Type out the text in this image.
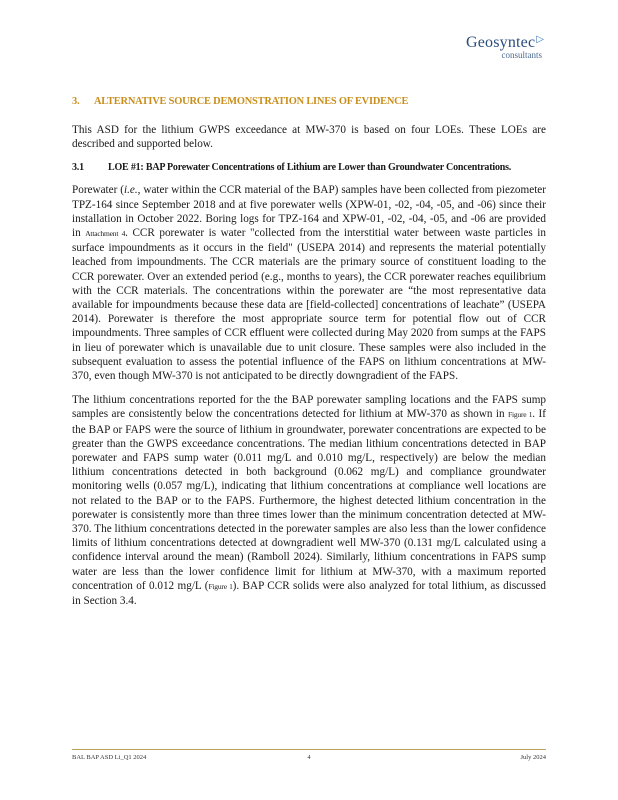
Geosyntec▷
consultants
3. ALTERNATIVE SOURCE DEMONSTRATION LINES OF EVIDENCE

This ASD for the lithium GWPS exceedance at MW-370 is based on four LOEs. These LOEs are described and supported below.

3.1	LOE #1: BAP Porewater Concentrations of Lithium are Lower than Groundwater Concentrations.

Porewater (i.e., water within the CCR material of the BAP) samples have been collected from piezometer TPZ-164 since September 2018 and at five porewater wells (XPW-01, -02, -04, -05, and -06) since their installation in October 2022. Boring logs for TPZ-164 and XPW-01, -02, -04, -05, and -06 are provided in Attachment 4. CCR porewater is water "collected from the interstitial water between waste particles in surface impoundments as it occurs in the field" (USEPA 2014) and represents the material potentially leached from impoundments. The CCR materials are the primary source of constituent loading to the CCR porewater. Over an extended period (e.g., months to years), the CCR porewater reaches equilibrium with the CCR materials. The concentrations within the porewater are “the most representative data available for impoundments because these data are [field-collected] concentrations of leachate” (USEPA 2014). Porewater is therefore the most appropriate source term for potential flow out of CCR impoundments. Three samples of CCR effluent were collected during May 2020 from sumps at the FAPS in lieu of porewater which is unavailable due to unit closure. These samples were also included in the subsequent evaluation to assess the potential influence of the FAPS on lithium concentrations at MW-370, even though MW-370 is not anticipated to be directly downgradient of the FAPS.

The lithium concentrations reported for the the BAP porewater sampling locations and the FAPS sump samples are consistently below the concentrations detected for lithium at MW-370 as shown in Figure 1. If the BAP or FAPS were the source of lithium in groundwater, porewater concentrations are expected to be greater than the GWPS exceedance concentrations. The median lithium concentrations detected in BAP porewater and FAPS sump water (0.011 mg/L and 0.010 mg/L, respectively) are below the median lithium concentrations detected in both background (0.062 mg/L) and compliance groundwater monitoring wells (0.057 mg/L), indicating that lithium concentrations at compliance well locations are not related to the BAP or to the FAPS. Furthermore, the highest detected lithium concentration in the porewater is consistently more than three times lower than the minimum concentration detected at MW-370. The lithium concentrations detected in the porewater samples are also less than the lower confidence limits of lithium concentrations detected at downgradient well MW-370 (0.131 mg/L calculated using a confidence interval around the mean) (Ramboll 2024). Similarly, lithium concentrations in FAPS sump water are less than the lower confidence limit for lithium at MW-370, with a maximum reported concentration of 0.012 mg/L (Figure 1). BAP CCR solids were also analyzed for total lithium, as discussed in Section 3.4.

BAL BAP ASD Li_Q1 2024	4	July 2024
